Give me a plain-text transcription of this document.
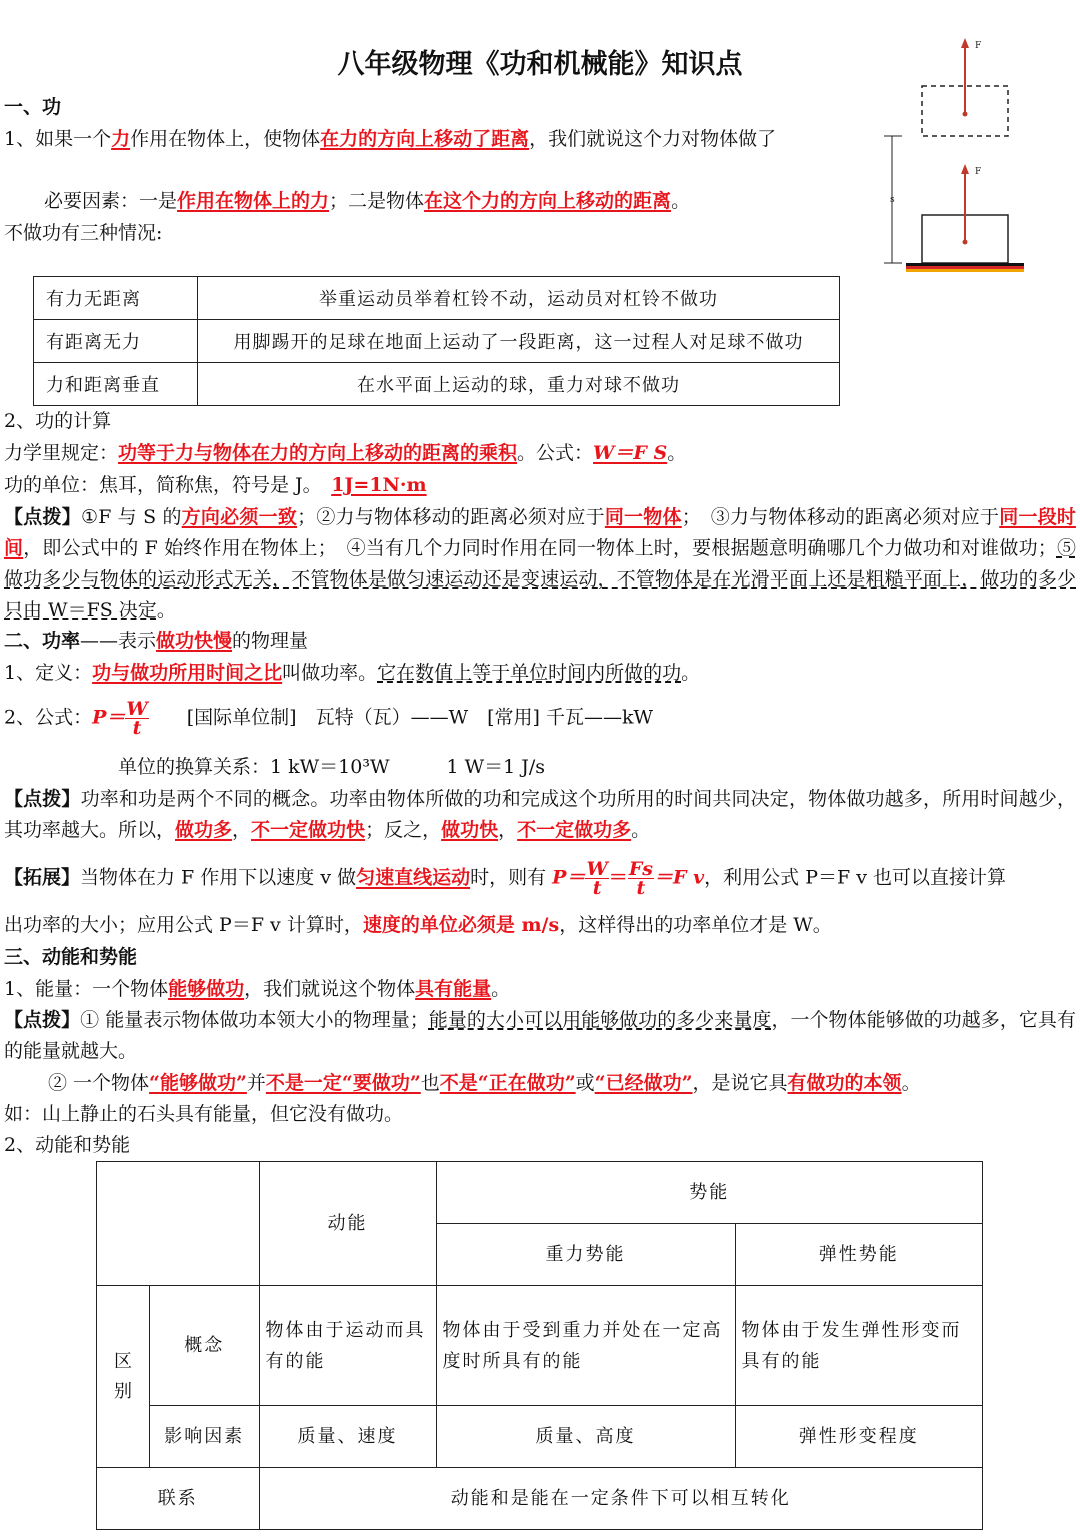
八年级物理《功和机械能》知识点
F
F
s
一、功
1、如果一个力作用在物体上，使物体在力的方向上移动了距离，我们就说这个力对物体做了
必要因素：一是作用在物体上的力；二是物体在这个力的方向上移动的距离。
不做功有三种情况:
有力无距离	举重运动员举着杠铃不动，运动员对杠铃不做功
有距离无力	用脚踢开的足球在地面上运动了一段距离，这一过程人对足球不做功
力和距离垂直	在水平面上运动的球，重力对球不做功
2、功的计算
力学里规定：功等于力与物体在力的方向上移动的距离的乘积。公式：W＝F S。
功的单位：焦耳，简称焦，符号是 J。　 1J=1N·m
【点拨】①F 与 S 的方向必须一致；②力与物体移动的距离必须对应于同一物体；　③力与物体移动的距离必须对应于同一段时间，即公式中的 F 始终作用在物体上；　④当有几个力同时作用在同一物体上时，要根据题意明确哪几个力做功和对谁做功；⑤做功多少与物体的运动形式无关，不管物体是做匀速运动还是变速运动，不管物体是在光滑平面上还是粗糙平面上，做功的多少只由 W＝FS 决定。
二、功率——表示做功快慢的物理量
1、定义：功与做功所用时间之比叫做功率。它在数值上等于单位时间内所做的功。
2、公式：$P= \frac{W}{t}$
　　 [国际单位制]　瓦特（瓦）——W　[常用] 千瓦——kW
单位的换算关系：1 kW＝10³W　　　1 W＝1 J/s
【点拨】功率和功是两个不同的概念。功率由物体所做的功和完成这个功所用的时间共同决定，物体做功越多，所用时间越少，其功率越大。所以，做功多，不一定做功快；反之，做功快，不一定做功多。
【拓展】当物体在力 F 作用下以速度 v 做匀速直线运动时，则有 $P= \frac{W}{t} = \frac{Fs}{t} =F$ v，利用公式 P＝F v 也可以直接计算
出功率的大小；应用公式 P＝F v 计算时，速度的单位必须是 m/s，这样得出的功率单位才是 W。
三、动能和势能
1、能量：一个物体能够做功，我们就说这个物体具有能量。
【点拨】① 能量表示物体做功本领大小的物理量；能量的大小可以用能够做功的多少来量度，一个物体能够做的功越多，它具有的能量就越大。
② 一个物体“能够做功”并不是一定“要做功”也不是“正在做功”或“已经做功”，是说它具有做功的本领。
如：山上静止的石头具有能量，但它没有做功。
2、动能和势能
		动能	势能	
			重力势能	弹性势能
区别	概念	物体由于运动而具有的能	物体由于受到重力并处在一定高度时所具有的能	物体由于发生弹性形变而具有的能
	影响因素	质量、速度	质量、高度	弹性形变程度
联系		动能和是能在一定条件下可以相互转化		
